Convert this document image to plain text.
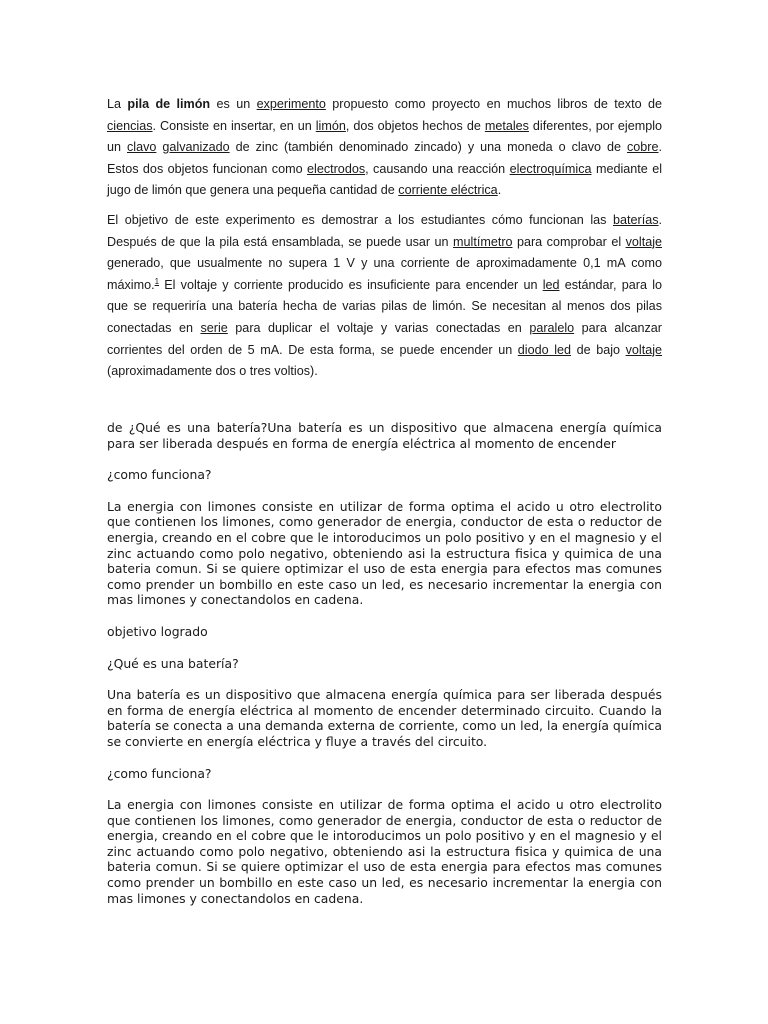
La pila de limón es un experimento propuesto como proyecto en muchos libros de texto de ciencias. Consiste en insertar, en un limón, dos objetos hechos de metales diferentes, por ejemplo un clavo galvanizado de zinc (también denominado zincado) y una moneda o clavo de cobre. Estos dos objetos funcionan como electrodos, causando una reacción electroquímica mediante el jugo de limón que genera una pequeña cantidad de corriente eléctrica.

El objetivo de este experimento es demostrar a los estudiantes cómo funcionan las baterías. Después de que la pila está ensamblada, se puede usar un multímetro para comprobar el voltaje generado, que usualmente no supera 1 V y una corriente de aproximadamente 0,1 mA como máximo.$^1$ El voltaje y corriente producido es insuficiente para encender un led estándar, para lo que se requeriría una batería hecha de varias pilas de limón. Se necesitan al menos dos pilas conectadas en serie para duplicar el voltaje y varias conectadas en paralelo para alcanzar corrientes del orden de 5 mA. De esta forma, se puede encender un diodo led de bajo voltaje (aproximadamente dos o tres voltios).

de ¿Qué es una batería?Una batería es un dispositivo que almacena energía química para ser liberada después en forma de energía eléctrica al momento de encender

¿como funciona?

La energia con limones consiste en utilizar de forma optima el acido u otro electrolito que contienen los limones, como generador de energia, conductor de esta o reductor de energia, creando en el cobre que le intoroducimos un polo positivo y en el magnesio y el zinc actuando como polo negativo, obteniendo asi la estructura fisica y quimica de una bateria comun. Si se quiere optimizar el uso de esta energia para efectos mas comunes como prender un bombillo en este caso un led, es necesario incrementar la energia con mas limones y conectandolos en cadena.

objetivo logrado

¿Qué es una batería?

Una batería es un dispositivo que almacena energía química para ser liberada después en forma de energía eléctrica al momento de encender determinado circuito. Cuando la batería se conecta a una demanda externa de corriente, como un led, la energía química se convierte en energía eléctrica y fluye a través del circuito.

¿como funciona?

La energia con limones consiste en utilizar de forma optima el acido u otro electrolito que contienen los limones, como generador de energia, conductor de esta o reductor de energia, creando en el cobre que le intoroducimos un polo positivo y en el magnesio y el zinc actuando como polo negativo, obteniendo asi la estructura fisica y quimica de una bateria comun. Si se quiere optimizar el uso de esta energia para efectos mas comunes como prender un bombillo en este caso un led, es necesario incrementar la energia con mas limones y conectandolos en cadena.
